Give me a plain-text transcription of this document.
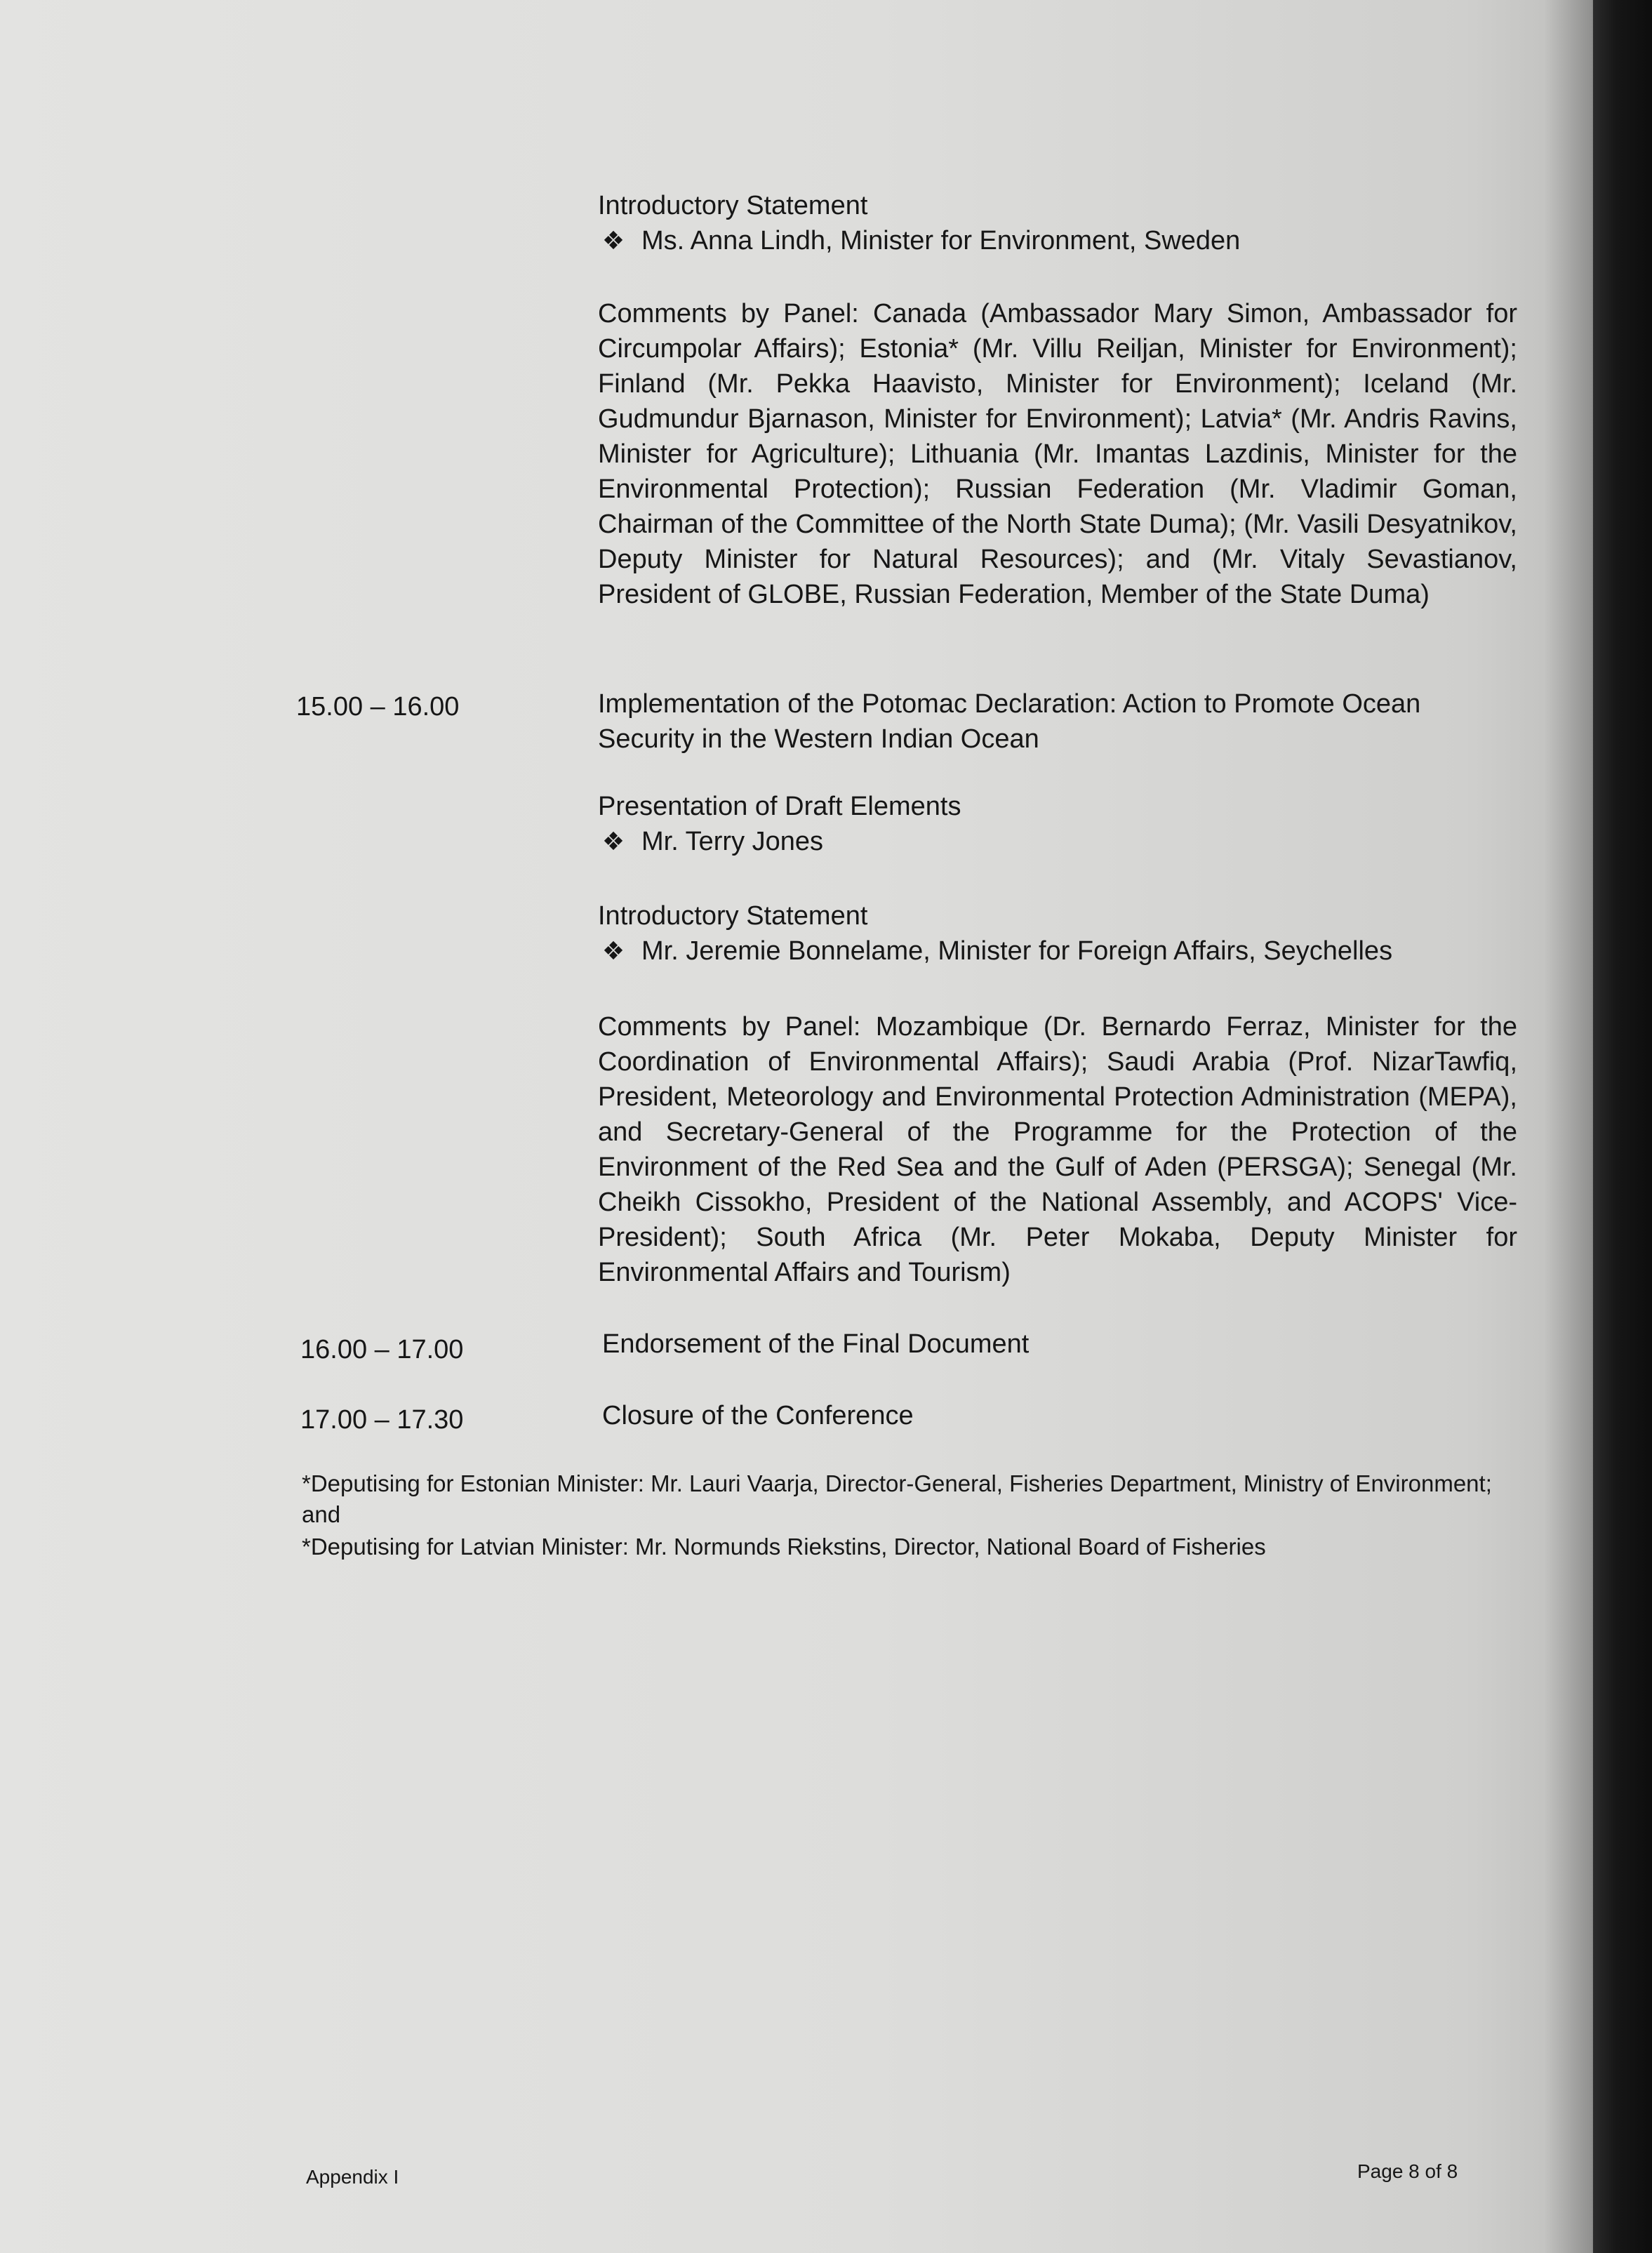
Introductory Statement
❖ Ms. Anna Lindh, Minister for Environment, Sweden
Comments by Panel: Canada (Ambassador Mary Simon, Ambassador for Circumpolar Affairs); Estonia* (Mr. Villu Reiljan, Minister for Environment); Finland (Mr. Pekka Haavisto, Minister for Environment); Iceland (Mr. Gudmundur Bjarnason, Minister for Environment); Latvia* (Mr. Andris Ravins, Minister for Agriculture); Lithuania (Mr. Imantas Lazdinis, Minister for the Environmental Protection); Russian Federation (Mr. Vladimir Goman, Chairman of the Committee of the North State Duma); (Mr. Vasili Desyatnikov, Deputy Minister for Natural Resources); and (Mr. Vitaly Sevastianov, President of GLOBE, Russian Federation, Member of the State Duma)
15.00 – 16.00	Implementation of the Potomac Declaration: Action to Promote Ocean
Security in the Western Indian Ocean
Presentation of Draft Elements
❖ Mr. Terry Jones
Introductory Statement
❖ Mr. Jeremie Bonnelame, Minister for Foreign Affairs, Seychelles
Comments by Panel: Mozambique (Dr. Bernardo Ferraz, Minister for the Coordination of Environmental Affairs); Saudi Arabia (Prof. NizarTawfiq, President, Meteorology and Environmental Protection Administration (MEPA), and Secretary-General of the Programme for the Protection of the Environment of the Red Sea and the Gulf of Aden (PERSGA); Senegal (Mr. Cheikh Cissokho, President of the National Assembly, and ACOPS' Vice-President); South Africa (Mr. Peter Mokaba, Deputy Minister for Environmental Affairs and Tourism)
16.00 – 17.00	Endorsement of the Final Document
17.00 – 17.30	Closure of the Conference
*Deputising for Estonian Minister: Mr. Lauri Vaarja, Director-General, Fisheries Department, Ministry of Environment; and
*Deputising for Latvian Minister: Mr. Normunds Riekstins, Director, National Board of Fisheries
Appendix I	Page 8 of 8
